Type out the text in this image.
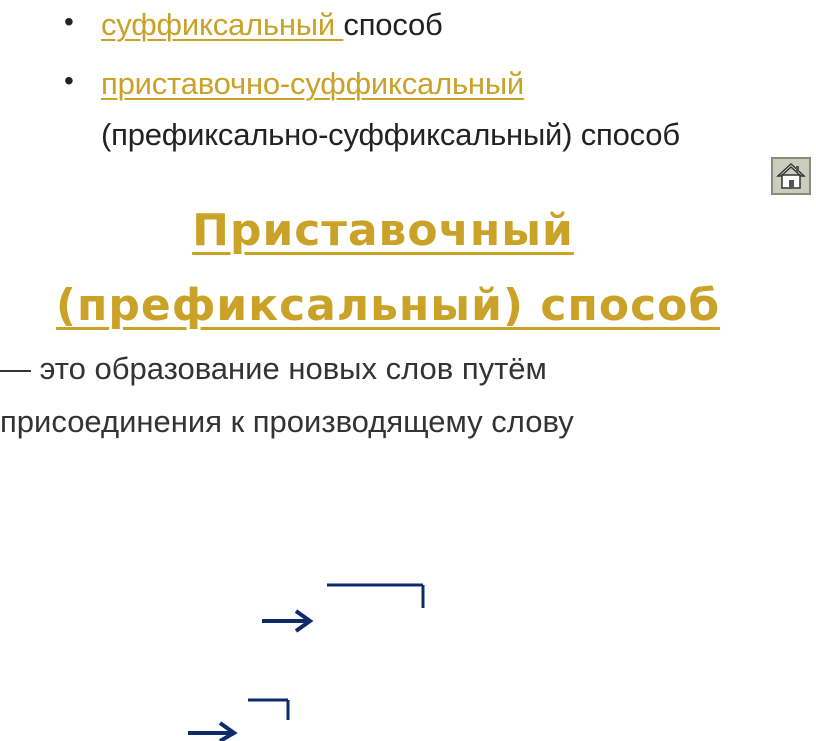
• суффиксальный способ
• приставочно-суффиксальный
(префиксально-суффиксальный) способ
Приставочный
(префиксальный) способ
— это образование новых слов путём
присоединения к производящему слову
